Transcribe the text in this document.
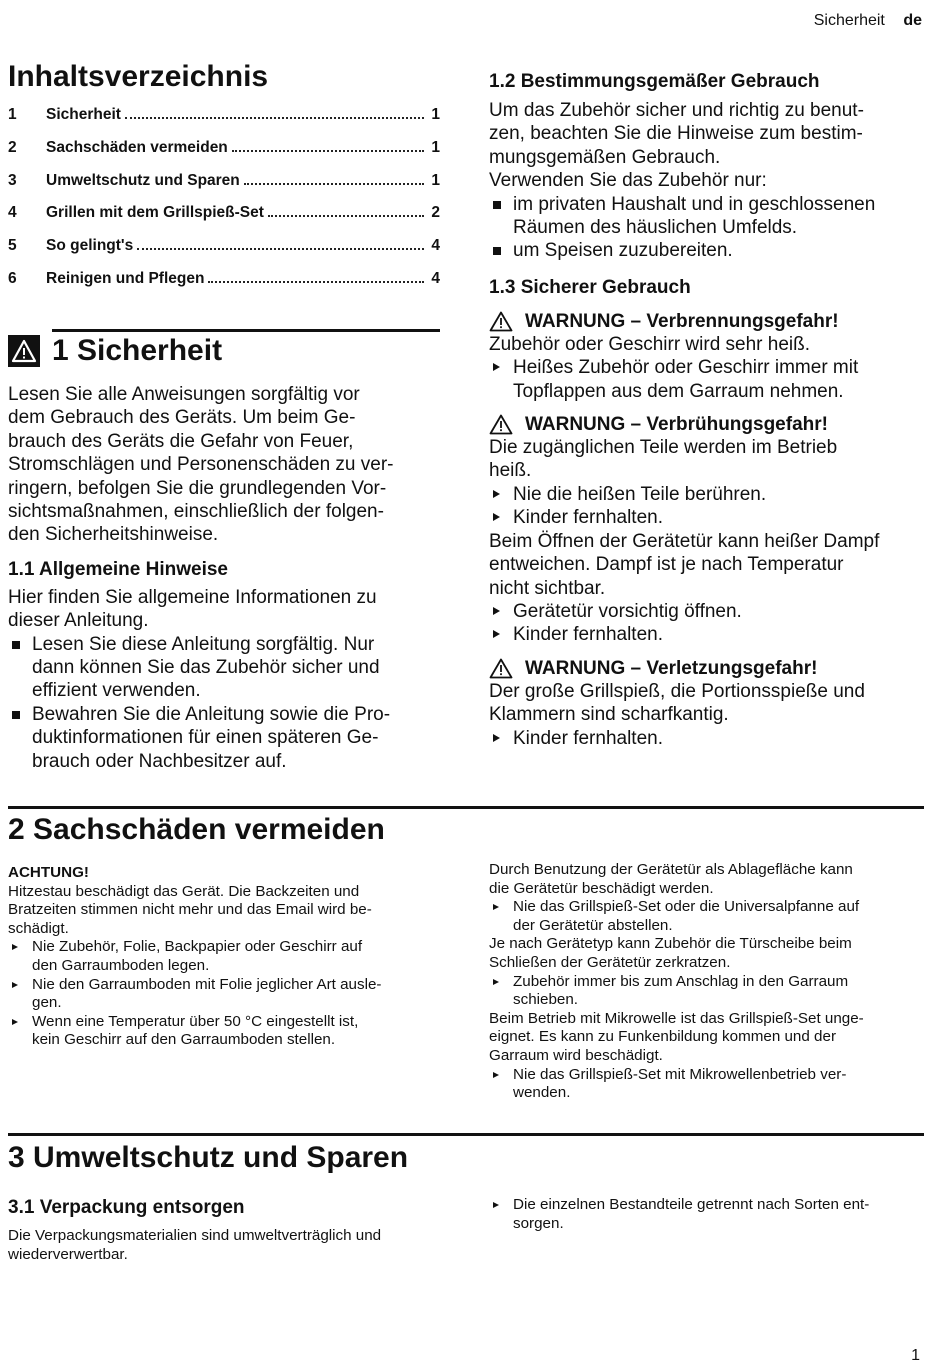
Sicherheit de
Inhaltsverzeichnis
1	Sicherheit	1
2	Sachschäden vermeiden	1
3	Umweltschutz und Sparen	1
4	Grillen mit dem Grillspieß-Set	2
5	So gelingt's	4
6	Reinigen und Pflegen	4
1 Sicherheit

Lesen Sie alle Anweisungen sorgfältig vor
dem Gebrauch des Geräts. Um beim Ge-
brauch des Geräts die Gefahr von Feuer,
Stromschlägen und Personenschäden zu ver-
ringern, befolgen Sie die grundlegenden Vor-
sichtsmaßnahmen, einschließlich der folgen-
den Sicherheitshinweise.

1.1 Allgemeine Hinweise

Hier finden Sie allgemeine Informationen zu
dieser Anleitung.

Lesen Sie diese Anleitung sorgfältig. Nur
dann können Sie das Zubehör sicher und
effizient verwenden.
Bewahren Sie die Anleitung sowie die Pro-
duktinformationen für einen späteren Ge-
brauch oder Nachbesitzer auf.
1.2 Bestimmungsgemäßer Gebrauch

Um das Zubehör sicher und richtig zu benut-
zen, beachten Sie die Hinweise zum bestim-
mungsgemäßen Gebrauch.

Verwenden Sie das Zubehör nur:

im privaten Haushalt und in geschlossenen
Räumen des häuslichen Umfelds.
um Speisen zuzubereiten.
1.3 Sicherer Gebrauch
WARNUNG – Verbrennungsgefahr!

Zubehör oder Geschirr wird sehr heiß.

Heißes Zubehör oder Geschirr immer mit
Topflappen aus dem Garraum nehmen.
WARNUNG – Verbrühungsgefahr!

Die zugänglichen Teile werden im Betrieb
heiß.

Nie die heißen Teile berühren.
Kinder fernhalten.

Beim Öffnen der Gerätetür kann heißer Dampf
entweichen. Dampf ist je nach Temperatur
nicht sichtbar.

Gerätetür vorsichtig öffnen.
Kinder fernhalten.
WARNUNG – Verletzungsgefahr!

Der große Grillspieß, die Portionsspieße und
Klammern sind scharfkantig.

Kinder fernhalten.
2 Sachschäden vermeiden

ACHTUNG!

Hitzestau beschädigt das Gerät. Die Backzeiten und
Bratzeiten stimmen nicht mehr und das Email wird be-
schädigt.

Nie Zubehör, Folie, Backpapier oder Geschirr auf
den Garraumboden legen.
Nie den Garraumboden mit Folie jeglicher Art ausle-
gen.
Wenn eine Temperatur über 50 °C eingestellt ist,
kein Geschirr auf den Garraumboden stellen.

Durch Benutzung der Gerätetür als Ablagefläche kann
die Gerätetür beschädigt werden.

Nie das Grillspieß-Set oder die Universalpfanne auf
der Gerätetür abstellen.

Je nach Gerätetyp kann Zubehör die Türscheibe beim
Schließen der Gerätetür zerkratzen.

Zubehör immer bis zum Anschlag in den Garraum
schieben.

Beim Betrieb mit Mikrowelle ist das Grillspieß-Set unge-
eignet. Es kann zu Funkenbildung kommen und der
Garraum wird beschädigt.

Nie das Grillspieß-Set mit Mikrowellenbetrieb ver-
wenden.
3 Umweltschutz und Sparen
3.1 Verpackung entsorgen

Die Verpackungsmaterialien sind umweltverträglich und
wiederverwertbar.

Die einzelnen Bestandteile getrennt nach Sorten ent-
sorgen.
1
